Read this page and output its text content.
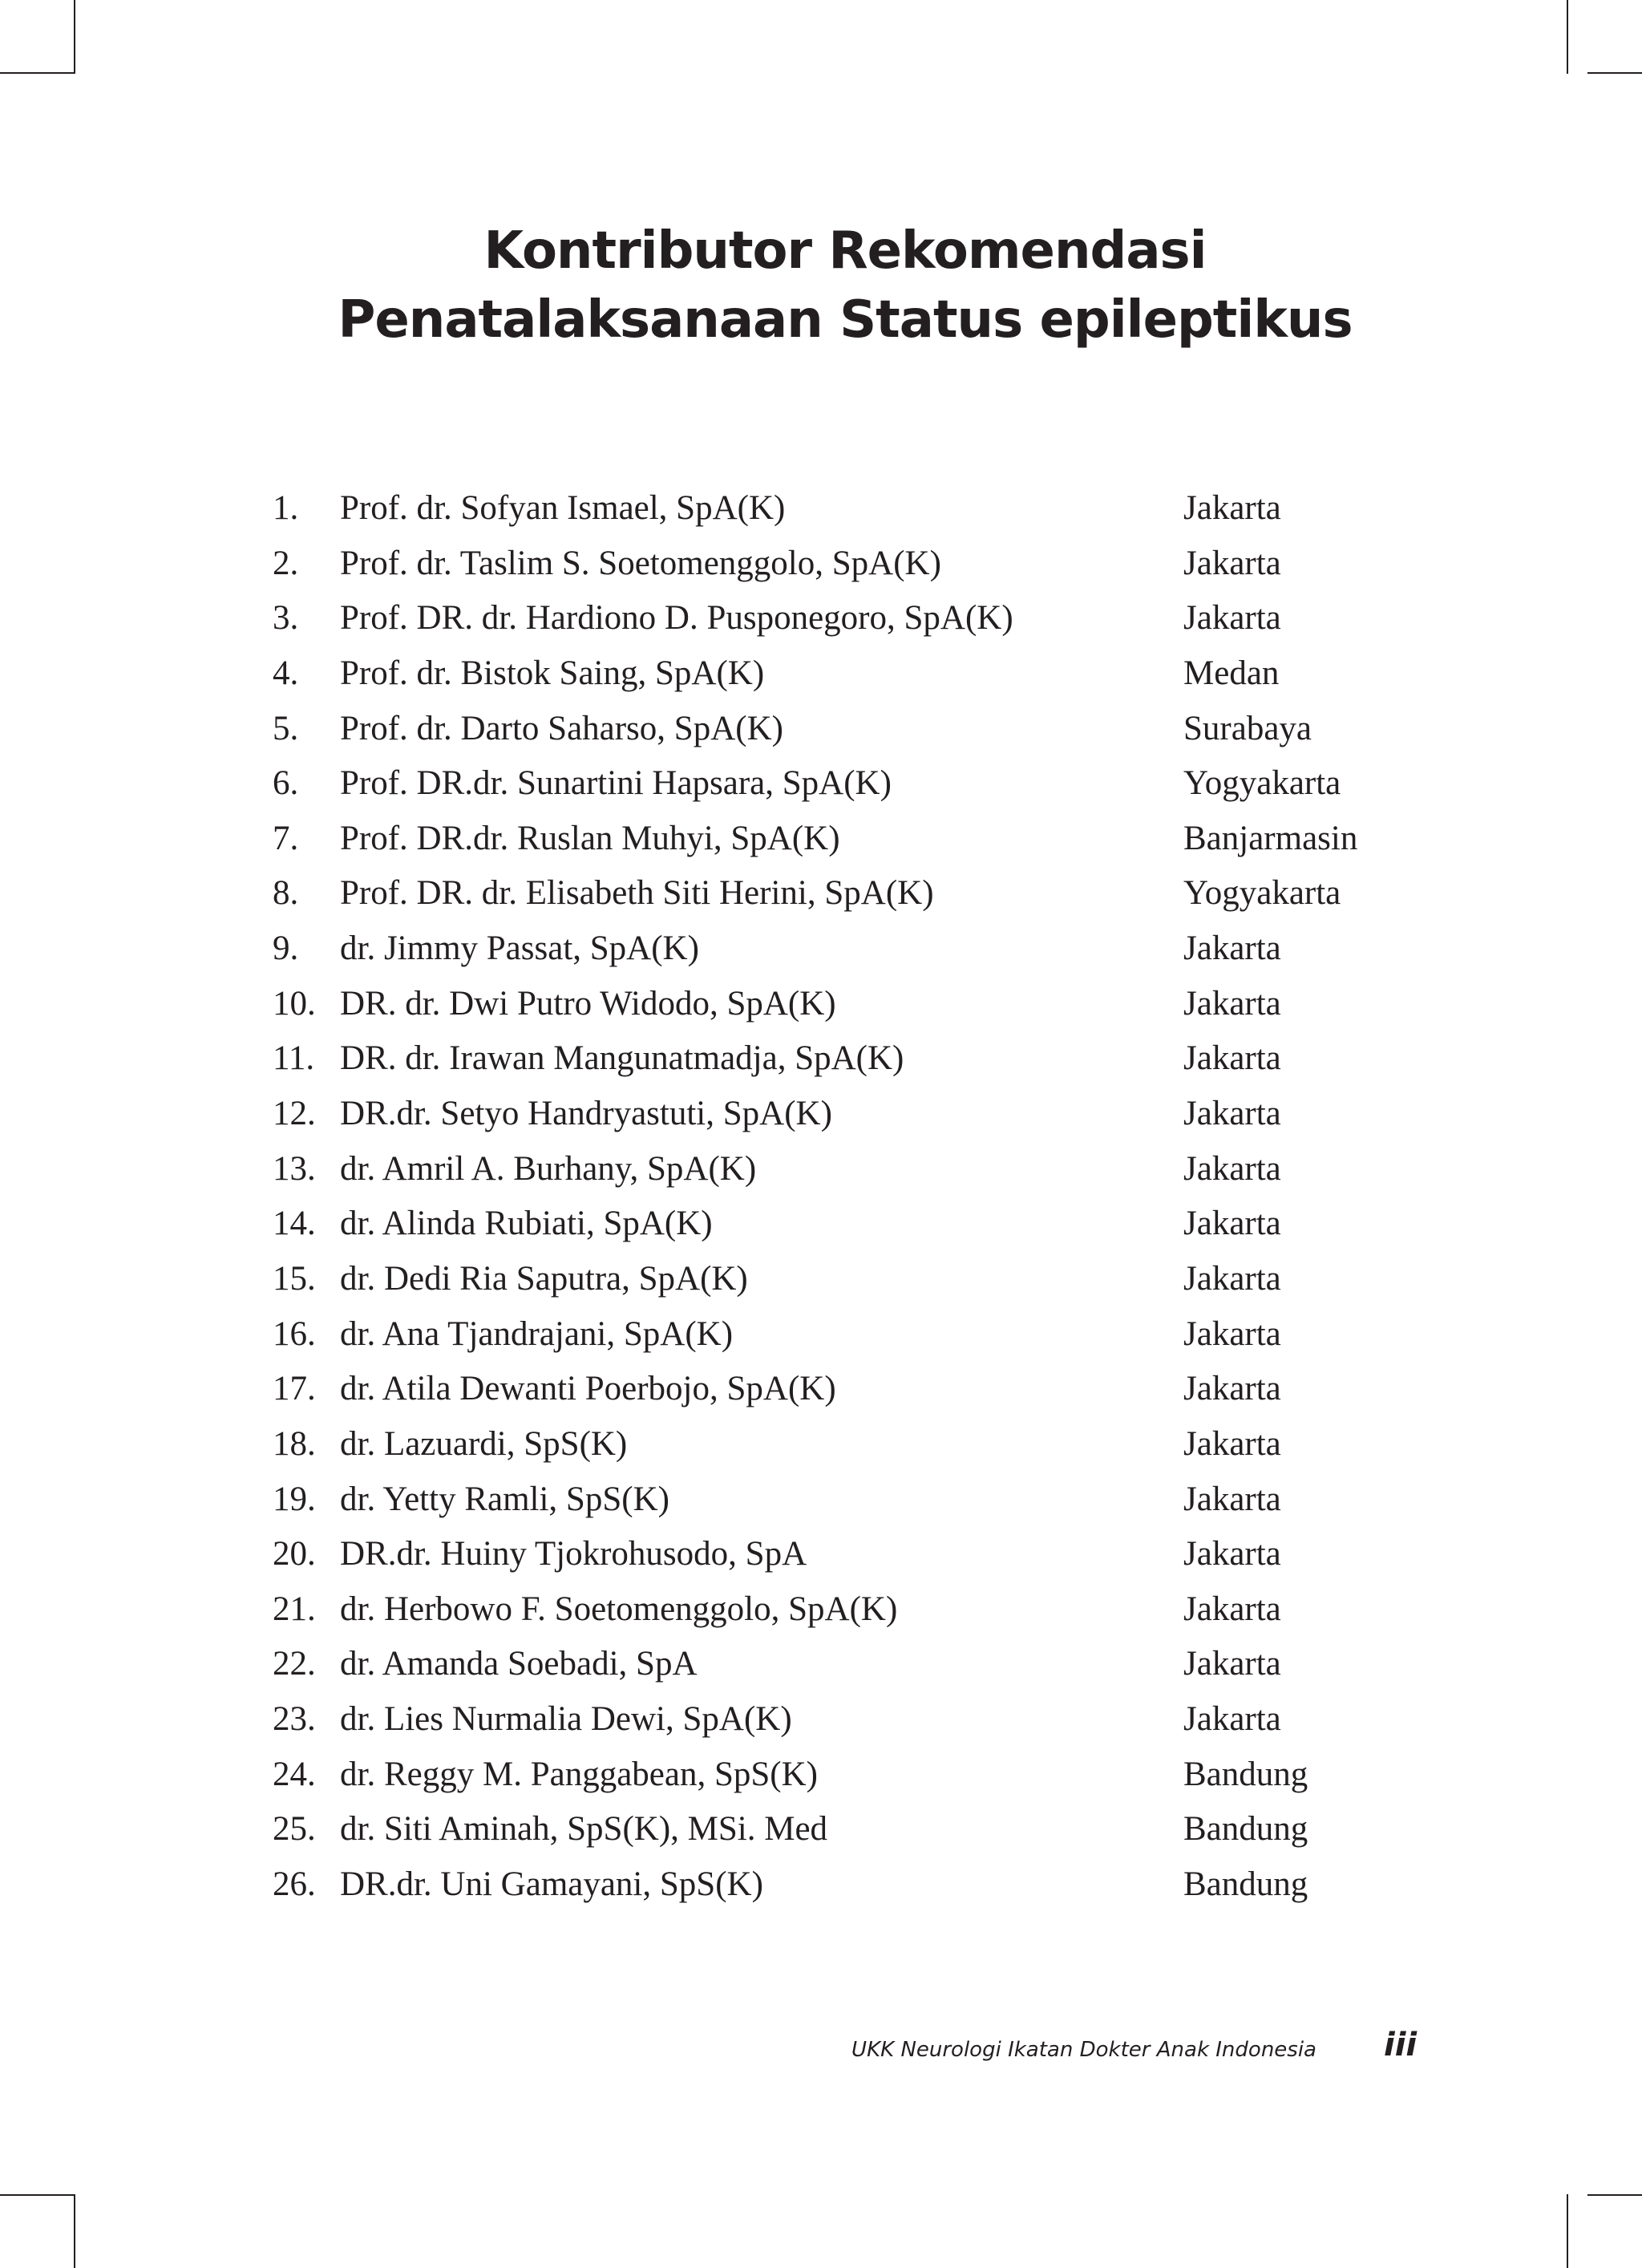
Kontributor Rekomendasi
Penatalaksanaan Status epileptikus
1.	Prof. dr. Sofyan Ismael, SpA(K)	Jakarta
2.	Prof. dr. Taslim S. Soetomenggolo, SpA(K)	Jakarta
3.	Prof. DR. dr. Hardiono D. Pusponegoro, SpA(K)	Jakarta
4.	Prof. dr. Bistok Saing, SpA(K)	Medan
5.	Prof. dr. Darto Saharso, SpA(K)	Surabaya
6.	Prof. DR.dr. Sunartini Hapsara, SpA(K)	Yogyakarta
7.	Prof. DR.dr. Ruslan Muhyi, SpA(K)	Banjarmasin
8.	Prof. DR. dr. Elisabeth Siti Herini, SpA(K)	Yogyakarta
9.	dr. Jimmy Passat, SpA(K)	Jakarta
10. DR. dr. Dwi Putro Widodo, SpA(K)	Jakarta
11. DR. dr. Irawan Mangunatmadja, SpA(K)	Jakarta
12. DR.dr. Setyo Handryastuti, SpA(K)	Jakarta
13. dr. Amril A. Burhany, SpA(K)	Jakarta
14. dr. Alinda Rubiati, SpA(K)	Jakarta
15. dr. Dedi Ria Saputra, SpA(K)	Jakarta
16. dr. Ana Tjandrajani, SpA(K)	Jakarta
17. dr. Atila Dewanti Poerbojo, SpA(K)	Jakarta
18. dr. Lazuardi, SpS(K)	Jakarta
19. dr. Yetty Ramli, SpS(K)	Jakarta
20. DR.dr. Huiny Tjokrohusodo, SpA	Jakarta
21. dr. Herbowo F. Soetomenggolo, SpA(K)	Jakarta
22. dr. Amanda Soebadi, SpA	Jakarta
23. dr. Lies Nurmalia Dewi, SpA(K)	Jakarta
24. dr. Reggy M. Panggabean, SpS(K)	Bandung
25. dr. Siti Aminah, SpS(K), MSi. Med	Bandung
26. DR.dr. Uni Gamayani, SpS(K)	Bandung
UKK Neurologi Ikatan Dokter Anak Indonesia iii
